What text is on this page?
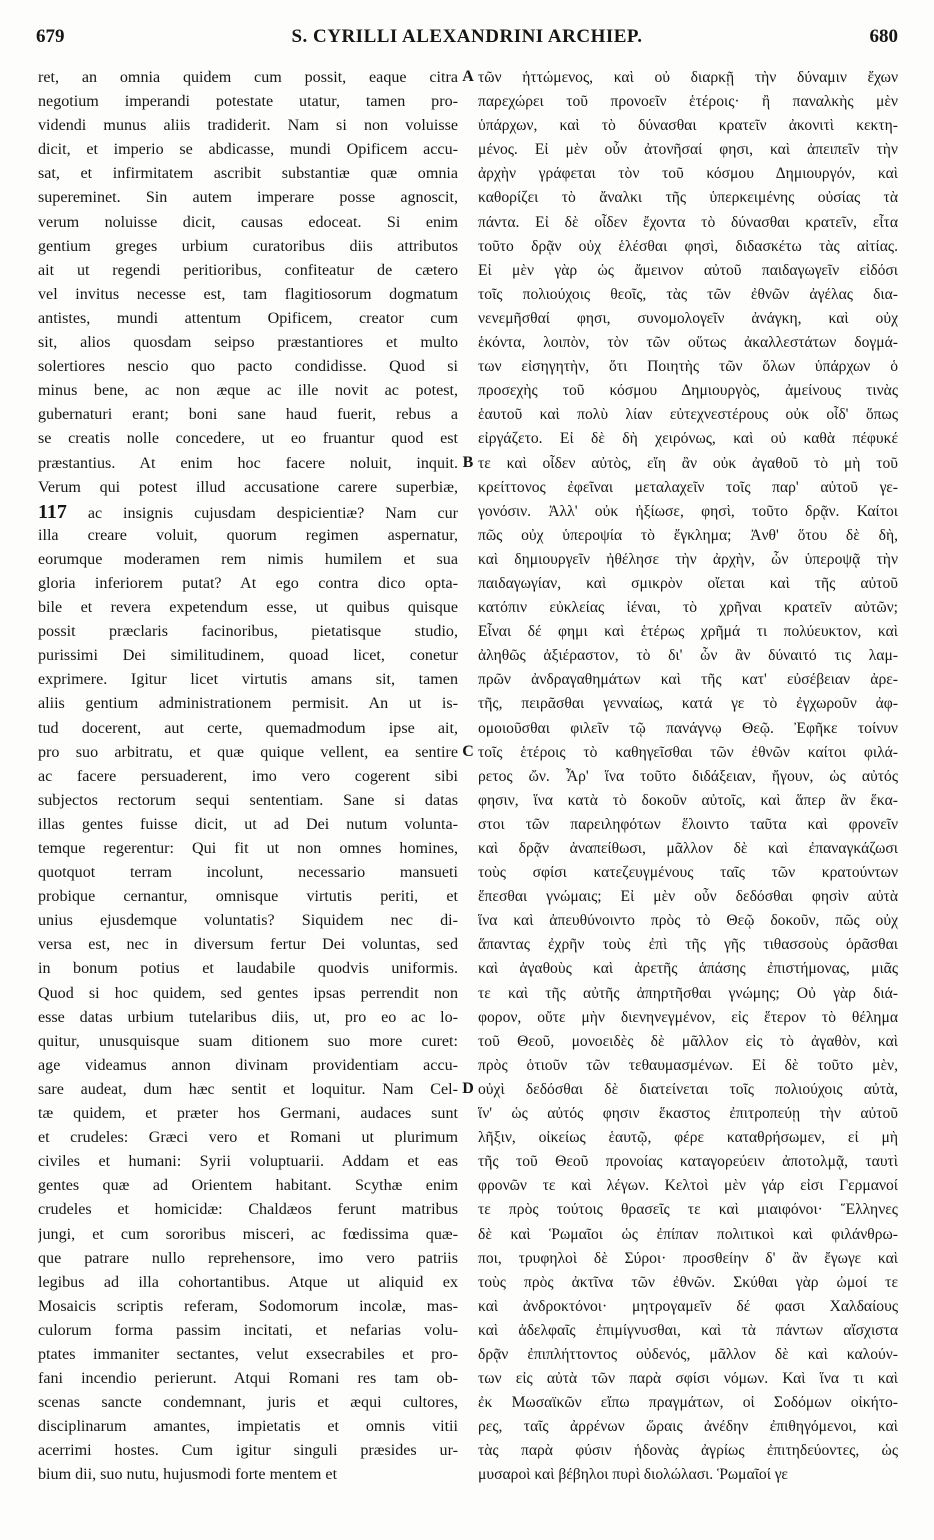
679	S. CYRILLI ALEXANDRINI ARCHIEP.	680
ret, an omnia quidem cum possit, eaque citra
negotium imperandi potestate utatur, tamen pro-
videndi munus aliis tradiderit. Nam si non voluisse
dicit, et imperio se abdicasse, mundi Opificem accu-
sat, et infirmitatem ascribit substantiæ quæ omnia
supereminet. Sin autem imperare posse agnoscit,
verum noluisse dicit, causas edoceat. Si enim
gentium greges urbium curatoribus diis attributos
ait ut regendi peritioribus, confiteatur de cætero
vel invitus necesse est, tam flagitiosorum dogmatum
antistes, mundi attentum Opificem, creator cum
sit, alios quosdam seipso præstantiores et multo
solertiores nescio quo pacto condidisse. Quod si
minus bene, ac non æque ac ille novit ac potest,
gubernaturi erant; boni sane haud fuerit, rebus a
se creatis nolle concedere, ut eo fruantur quod est
præstantius. At enim hoc facere noluit, inquit.
Verum qui potest illud accusatione carere superbiæ,
117 ac insignis cujusdam despicientiæ? Nam cur
illa creare voluit, quorum regimen aspernatur,
eorumque moderamen rem nimis humilem et sua
gloria inferiorem putat? At ego contra dico opta-
bile et revera expetendum esse, ut quibus quisque
possit præclaris facinoribus, pietatisque studio,
purissimi Dei similitudinem, quoad licet, conetur
exprimere. Igitur licet virtutis amans sit, tamen
aliis gentium administrationem permisit. An ut is-
tud docerent, aut certe, quemadmodum ipse ait,
pro suo arbitratu, et quæ quique vellent, ea sentire
ac facere persuaderent, imo vero cogerent sibi
subjectos rectorum sequi sententiam. Sane si datas
illas gentes fuisse dicit, ut ad Dei nutum volunta-
temque regerentur: Qui fit ut non omnes homines,
quotquot terram incolunt, necessario mansueti
probique cernantur, omnisque virtutis periti, et
unius ejusdemque voluntatis? Siquidem nec di-
versa est, nec in diversum fertur Dei voluntas, sed
in bonum potius et laudabile quodvis uniformis.
Quod si hoc quidem, sed gentes ipsas perrendit non
esse datas urbium tutelaribus diis, ut, pro eo ac lo-
quitur, unusquisque suam ditionem suo more curet:
age videamus annon divinam providentiam accu-
sare audeat, dum hæc sentit et loquitur. Nam Cel-
tæ quidem, et præter hos Germani, audaces sunt
et crudeles: Græci vero et Romani ut plurimum
civiles et humani: Syrii voluptuarii. Addam et eas
gentes quæ ad Orientem habitant. Scythæ enim
crudeles et homicidæ: Chaldæos ferunt matribus
jungi, et cum sororibus misceri, ac fœdissima quæ-
que patrare nullo reprehensore, imo vero patriis
legibus ad illa cohortantibus. Atque ut aliquid ex
Mosaicis scriptis referam, Sodomorum incolæ, mas-
culorum forma passim incitati, et nefarias volu-
ptates immaniter sectantes, velut exsecrabiles et pro-
fani incendio perierunt. Atqui Romani res tam ob-
scenas sancte condemnant, juris et æqui cultores,
disciplinarum amantes, impietatis et omnis vitii
acerrimi hostes. Cum igitur singuli præsides ur-
bium dii, suo nutu, hujusmodi forte mentem et
τῶν ἡττώμενος, καὶ οὐ διαρκῇ τὴν δύναμιν ἔχων
παρεχώρει τοῦ προνοεῖν ἑτέροις· ἢ παναλκὴς μὲν
ὑπάρχων, καὶ τὸ δύνασθαι κρατεῖν ἀκονιτὶ κεκτη-
μένος. Εἰ μὲν οὖν ἀτονῆσαί φησι, καὶ ἀπειπεῖν τὴν
ἀρχὴν γράφεται τὸν τοῦ κόσμου Δημιουργόν, καὶ
καθορίζει τὸ ἄναλκι τῆς ὑπερκειμένης οὐσίας τὰ
πάντα. Εἰ δὲ οἶδεν ἔχοντα τὸ δύνασθαι κρατεῖν, εἶτα
τοῦτο δρᾷν οὐχ ἑλέσθαι φησὶ, διδασκέτω τὰς αἰτίας.
Εἰ μὲν γὰρ ὡς ἄμεινον αὐτοῦ παιδαγωγεῖν εἰδόσι
τοῖς πολιούχοις θεοῖς, τὰς τῶν ἐθνῶν ἀγέλας δια-
νενεμῆσθαί φησι, συνομολογεῖν ἀνάγκη, καὶ οὐχ
ἑκόντα, λοιπὸν, τὸν τῶν οὕτως ἀκαλλεστάτων δογμά-
των εἰσηγητὴν, ὅτι Ποιητὴς τῶν ὅλων ὑπάρχων ὁ
προσεχὴς τοῦ κόσμου Δημιουργὸς, ἀμείνους τινὰς
ἑαυτοῦ καὶ πολὺ λίαν εὐτεχνεστέρους οὐκ οἶδ' ὅπως
εἰργάζετο. Εἰ δὲ δὴ χειρόνως, καὶ οὐ καθὰ πέφυκέ
τε καὶ οἶδεν αὐτὸς, εἴη ἂν οὐκ ἀγαθοῦ τὸ μὴ τοῦ
κρείττονος ἐφεῖναι μεταλαχεῖν τοῖς παρ' αὐτοῦ γε-
γονόσιν. Ἀλλ' οὐκ ἠξίωσε, φησὶ, τοῦτο δρᾷν. Καίτοι
πῶς οὐχ ὑπεροψία τὸ ἔγκλημα; Ἀνθ' ὅτου δὲ δὴ,
καὶ δημιουργεῖν ἠθέλησε τὴν ἀρχὴν, ὧν ὑπεροψᾷ τὴν
παιδαγωγίαν, καὶ σμικρὸν οἴεται καὶ τῆς αὐτοῦ
κατόπιν εὐκλείας ἰέναι, τὸ χρῆναι κρατεῖν αὐτῶν;
Εἶναι δέ φημι καὶ ἑτέρως χρῆμά τι πολύευκτον, καὶ
ἀληθῶς ἀξιέραστον, τὸ δι' ὧν ἂν δύναιτό τις λαμ-
πρῶν ἀνδραγαθημάτων καὶ τῆς κατ' εὐσέβειαν ἀρε-
τῆς, πειρᾶσθαι γενναίως, κατά γε τὸ ἐγχωροῦν ἀφ-
ομοιοῦσθαι φιλεῖν τῷ πανάγνῳ Θεῷ. Ἐφῆκε τοίνυν
τοῖς ἑτέροις τὸ καθηγεῖσθαι τῶν ἐθνῶν καίτοι φιλά-
ρετος ὤν. Ἆρ' ἵνα τοῦτο διδάξειαν, ἤγουν, ὡς αὐτός
φησιν, ἵνα κατὰ τὸ δοκοῦν αὐτοῖς, καὶ ἅπερ ἂν ἕκα-
στοι τῶν παρειληφότων ἕλοιντο ταῦτα καὶ φρονεῖν
καὶ δρᾷν ἀναπείθωσι, μᾶλλον δὲ καὶ ἐπαναγκάζωσι
τοὺς σφίσι κατεζευγμένους ταῖς τῶν κρατούντων
ἕπεσθαι γνώμαις; Εἰ μὲν οὖν δεδόσθαι φησὶν αὐτὰ
ἵνα καὶ ἀπευθύνοιντο πρὸς τὸ Θεῷ δοκοῦν, πῶς οὐχ
ἅπαντας ἐχρῆν τοὺς ἐπὶ τῆς γῆς τιθασσοὺς ὁρᾶσθαι
καὶ ἀγαθοὺς καὶ ἀρετῆς ἁπάσης ἐπιστήμονας, μιᾶς
τε καὶ τῆς αὐτῆς ἀπηρτῆσθαι γνώμης; Οὐ γὰρ διά-
φορον, οὔτε μὴν διενηνεγμένον, εἰς ἕτερον τὸ θέλημα
τοῦ Θεοῦ, μονοειδὲς δὲ μᾶλλον εἰς τὸ ἀγαθὸν, καὶ
πρὸς ὁτιοῦν τῶν τεθαυμασμένων. Εἰ δὲ τοῦτο μὲν,
οὐχὶ δεδόσθαι δὲ διατείνεται τοῖς πολιούχοις αὐτὰ,
ἵν' ὡς αὐτός φησιν ἕκαστος ἐπιτροπεύῃ τὴν αὐτοῦ
λῆξιν, οἰκείως ἑαυτῷ, φέρε καταθρήσωμεν, εἰ μὴ
τῆς τοῦ Θεοῦ προνοίας καταγορεύειν ἀποτολμᾷ, ταυτὶ
φρονῶν τε καὶ λέγων. Κελτοὶ μὲν γάρ εἰσι Γερμανοί
τε πρὸς τούτοις θρασεῖς τε καὶ μιαιφόνοι· Ἕλληνες
δὲ καὶ Ῥωμαῖοι ὡς ἐπίπαν πολιτικοὶ καὶ φιλάνθρω-
ποι, τρυφηλοὶ δὲ Σύροι· προσθείην δ' ἂν ἔγωγε καὶ
τοὺς πρὸς ἀκτῖνα τῶν ἐθνῶν. Σκύθαι γὰρ ὠμοί τε
καὶ ἀνδροκτόνοι· μητρογαμεῖν δέ φασι Χαλδαίους
καὶ ἀδελφαῖς ἐπιμίγνυσθαι, καὶ τὰ πάντων αἴσχιστα
δρᾷν ἐπιπλήττοντος οὐδενός, μᾶλλον δὲ καὶ καλούν-
των εἰς αὐτὰ τῶν παρὰ σφίσι νόμων. Καὶ ἵνα τι καὶ
ἐκ Μωσαϊκῶν εἴπω πραγμάτων, οἱ Σοδόμων οἰκήτο-
ρες, ταῖς ἀρρένων ὥραις ἀνέδην ἐπιθηγόμενοι, καὶ
τὰς παρὰ φύσιν ἡδονὰς ἀγρίως ἐπιτηδεύοντες, ὡς
μυσαροὶ καὶ βέβηλοι πυρὶ διολώλασι. Ῥωμαῖοί γε
A
B
C
D
